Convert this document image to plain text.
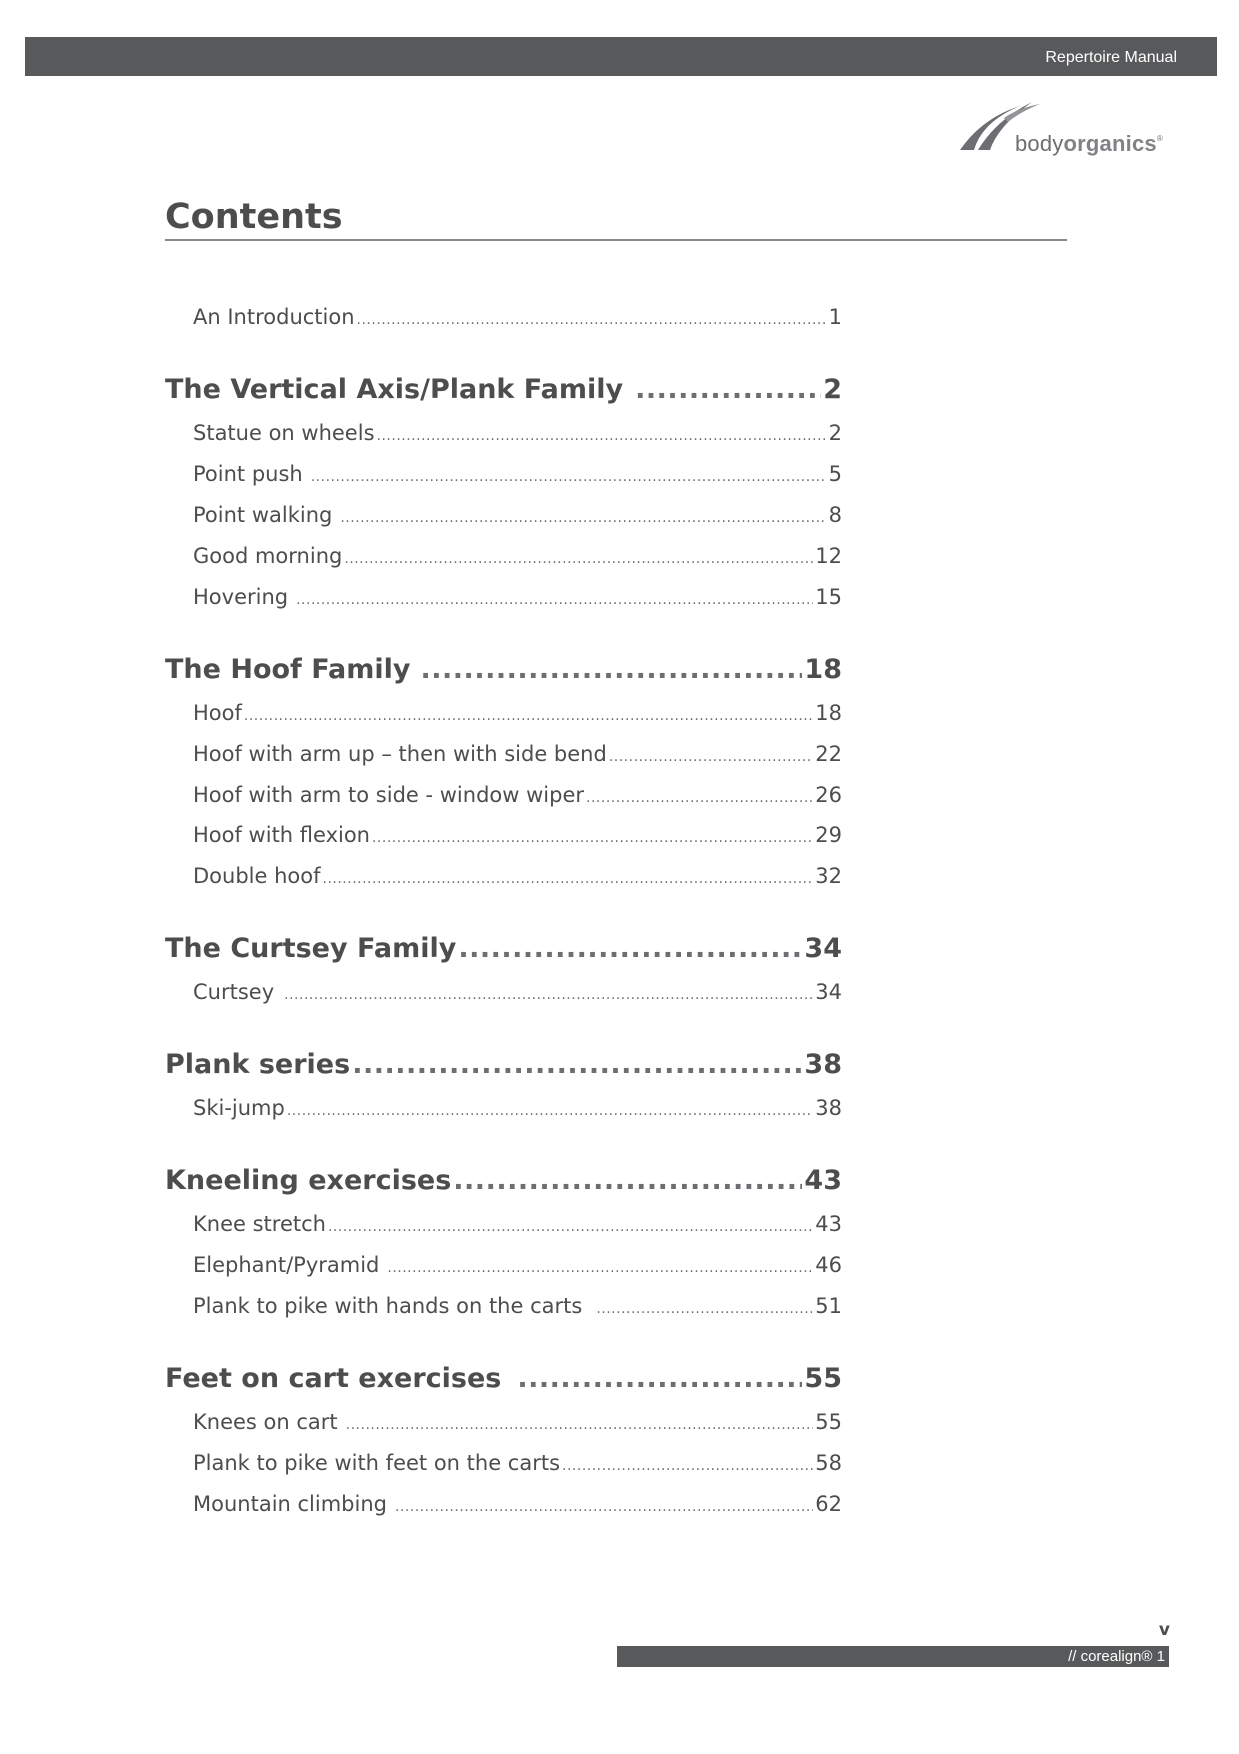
Repertoire Manual
bodyorganics®
Contents
An Introduction .....	1
The Vertical Axis/Plank Family .....	2
Statue on wheels .....	2
Point push .....	5
Point walking .....	8
Good morning .....	12
Hovering .....	15
The Hoof Family .....	18
Hoof .....	18
Hoof with arm up – then with side bend .....	22
Hoof with arm to side - window wiper .....	26
Hoof with flexion .....	29
Double hoof .....	32
The Curtsey Family .....	34
Curtsey .....	34
Plank series .....	38
Ski-jump .....	38
Kneeling exercises .....	43
Knee stretch .....	43
Elephant/Pyramid .....	46
Plank to pike with hands on the carts .....	51
Feet on cart exercises .....	55
Knees on cart .....	55
Plank to pike with feet on the carts .....	58
Mountain climbing .....	62
v
// corealign® 1
